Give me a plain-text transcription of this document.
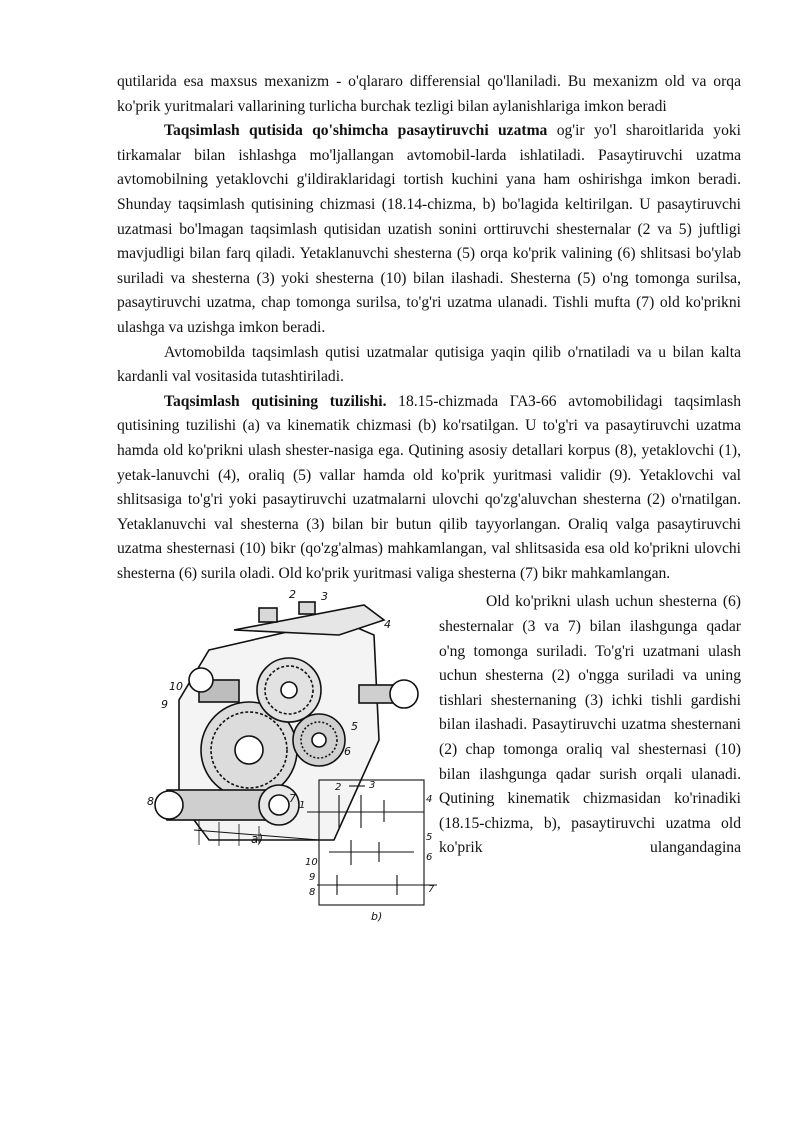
qutilarida esa maxsus mexanizm - o'qlararo differensial qo'llaniladi. Bu mexanizm old va orqa ko'prik yuritmalari vallarining turlicha burchak tezligi bilan aylanishlariga imkon beradi

Taqsimlash qutisida qo'shimcha pasaytiruvchi uzatma og'ir yo'l sharoitlarida yoki tirkamalar bilan ishlashga mo'ljallangan avtomobil-larda ishlatiladi. Pasaytiruvchi uzatma avtomobilning yetaklovchi g'ildiraklaridagi tortish kuchini yana ham oshirishga imkon beradi. Shunday taqsimlash qutisining chizmasi (18.14-chizma, b) bo'lagida keltirilgan. U pasaytiruvchi uzatmasi bo'lmagan taqsimlash qutisidan uzatish sonini orttiruvchi shesternalar (2 va 5) juftligi mavjudligi bilan farq qiladi. Yetaklanuvchi shesterna (5) orqa ko'prik valining (6) shlitsasi bo'ylab suriladi va shesterna (3) yoki shesterna (10) bilan ilashadi. Shesterna (5) o'ng tomonga surilsa, pasaytiruvchi uzatma, chap tomonga surilsa, to'g'ri uzatma ulanadi. Tishli mufta (7) old ko'prikni ulashga va uzishga imkon beradi.

Avtomobilda taqsimlash qutisi uzatmalar qutisiga yaqin qilib o'rnatiladi va u bilan kalta kardanli val vositasida tutashtiriladi.

Taqsimlash qutisining tuzilishi. 18.15-chizmada ГАЗ-66 avtomobilidagi taqsimlash qutisining tuzilishi (a) va kinematik chizmasi (b) ko'rsatilgan. U to'g'ri va pasaytiruvchi uzatma hamda old ko'prikni ulash shester-nasiga ega. Qutining asosiy detallari korpus (8), yetaklovchi (1), yetak-lanuvchi (4), oraliq (5) vallar hamda old ko'prik yuritmasi validir (9). Yetaklovchi val shlitsasiga to'g'ri yoki pasaytiruvchi uzatmalarni ulovchi qo'zg'aluvchan shesterna (2) o'rnatilgan. Yetaklanuvchi val shesterna (3) bilan bir butun qilib tayyorlangan. Oraliq valga pasaytiruvchi uzatma shesternasi (10) bikr (qo'zg'almas) mahkamlangan, val shlitsasida esa old ko'prikni ulovchi shesterna (6) surila oladi. Old ko'prik yuritmasi valiga shesterna (7) bikr mahkamlangan.

2 3
4
10
9
5
6
7
8
a)
2	3
4
1
5
6
10
9
8	7
b)

Old ko'prikni ulash uchun shesterna (6) shesternalar (3 va 7) bilan ilashgunga qadar o'ng tomonga suriladi. To'g'ri uzatmani ulash uchun shesterna (2) o'ngga suriladi va uning tishlari shesternaning (3) ichki tishli gardishi bilan ilashadi. Pasaytiruvchi uzatma shesternani (2) chap tomonga oraliq val shesternasi (10) bilan ilashgunga qadar surish orqali ulanadi. Qutining kinematik chizmasidan ko'rinadiki (18.15-chizma, b), pasaytiruvchi uzatma old ko'prik ulangandagina
